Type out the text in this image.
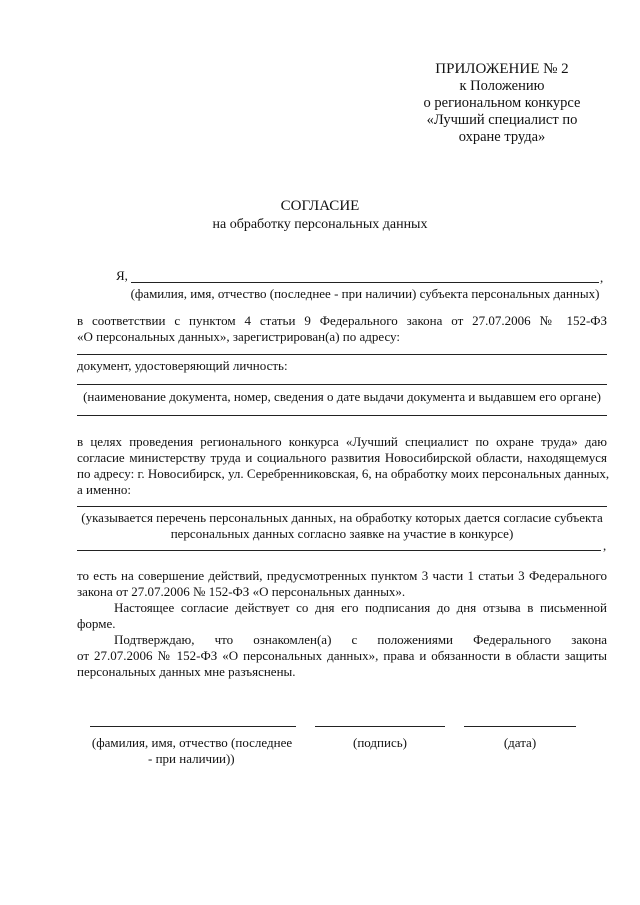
ПРИЛОЖЕНИЕ № 2
к Положению
о региональном конкурсе
«Лучший специалист по
охране труда»
СОГЛАСИЕ
на обработку персональных данных
Я,	,
(фамилия, имя, отчество (последнее - при наличии) субъекта персональных данных)
в соответствии с пунктом 4 статьи 9 Федерального закона от 27.07.2006 № 152-ФЗ
«О персональных данных», зарегистрирован(а) по адресу:
документ, удостоверяющий личность:
(наименование документа, номер, сведения о дате выдачи документа и выдавшем его органе)
в целях проведения регионального конкурса «Лучший специалист по охране труда» даю
согласие министерству труда и социального развития Новосибирской области, находящемуся
по адресу: г. Новосибирск, ул. Серебренниковская, 6, на обработку моих персональных данных,
а именно:
(указывается перечень персональных данных, на обработку которых дается согласие субъекта
персональных данных согласно заявке на участие в конкурсе)
,
то есть на совершение действий, предусмотренных пунктом 3 части 1 статьи 3 Федерального
закона от 27.07.2006 № 152-ФЗ «О персональных данных».
Настоящее согласие действует со дня его подписания до дня отзыва в письменной
форме.
Подтверждаю, что ознакомлен(а) с положениями Федерального закона
от 27.07.2006 № 152-ФЗ «О персональных данных», права и обязанности в области защиты
персональных данных мне разъяснены.
(фамилия, имя, отчество (последнее
- при наличии))
(подпись)	(дата)
